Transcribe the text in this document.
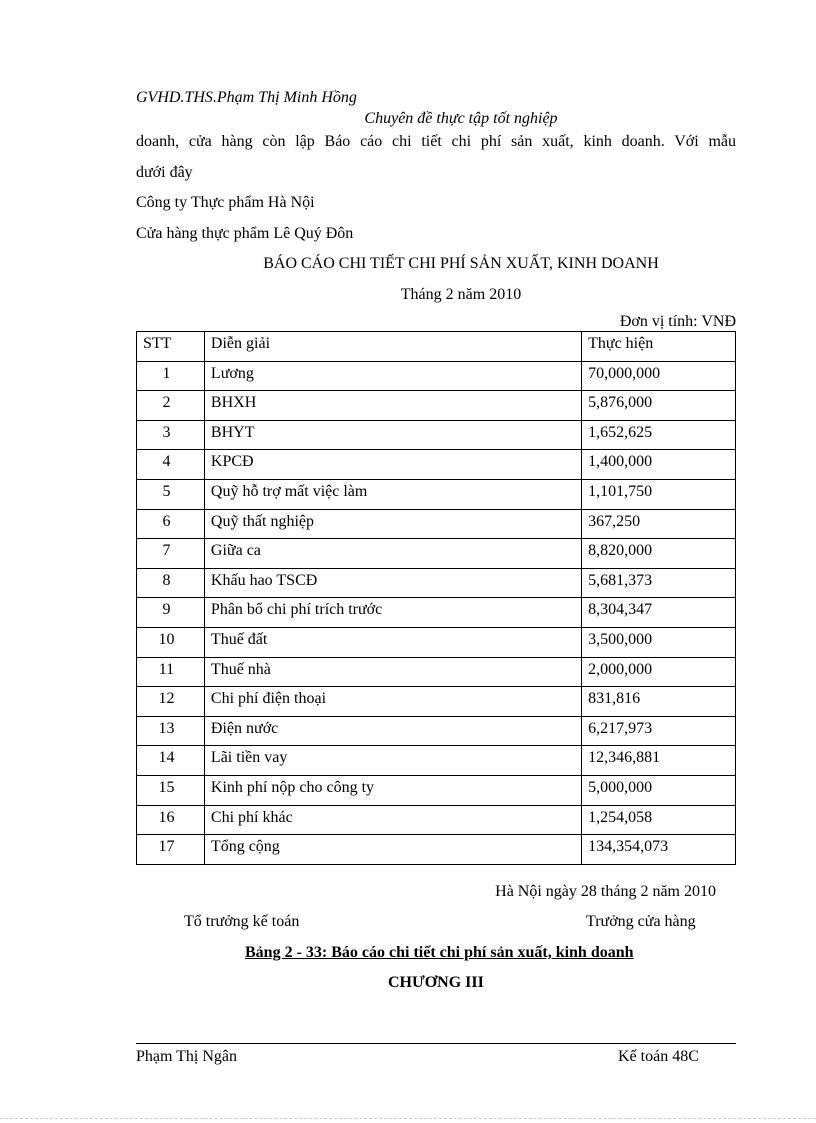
GVHD.THS.Phạm Thị Minh Hồng
Chuyên đề thực tập tốt nghiệp
doanh, cửa hàng còn lập Báo cáo chi tiết chi phí sản xuất, kinh doanh. Với mẫu
dưới đây
Công ty Thực phẩm Hà Nội
Cửa hàng thực phẩm Lê Quý Đôn
BÁO CÁO CHI TIẾT CHI PHÍ SẢN XUẤT, KINH DOANH
Tháng 2 năm 2010
Đơn vị tính: VNĐ
STT	Diễn giải	Thực hiện
1	Lương	70,000,000
2	BHXH	5,876,000
3	BHYT	1,652,625
4	KPCĐ	1,400,000
5	Quỹ hỗ trợ mất việc làm	1,101,750
6	Quỹ thất nghiệp	367,250
7	Giữa ca	8,820,000
8	Khấu hao TSCĐ	5,681,373
9	Phân bổ chi phí trích trước	8,304,347
10	Thuế đất	3,500,000
11	Thuế nhà	2,000,000
12	Chi phí điện thoại	831,816
13	Điện nước	6,217,973
14	Lãi tiền vay	12,346,881
15	Kinh phí nộp cho công ty	5,000,000
16	Chi phí khác	1,254,058
17	Tổng cộng	134,354,073
Hà Nội ngày 28 tháng 2 năm 2010
Tổ trưởng kế toán	Trưởng cửa hàng
Bảng 2 - 33: Báo cáo chi tiết chi phí sản xuất, kinh doanh
CHƯƠNG III
Phạm Thị Ngân	Kế toán 48C
